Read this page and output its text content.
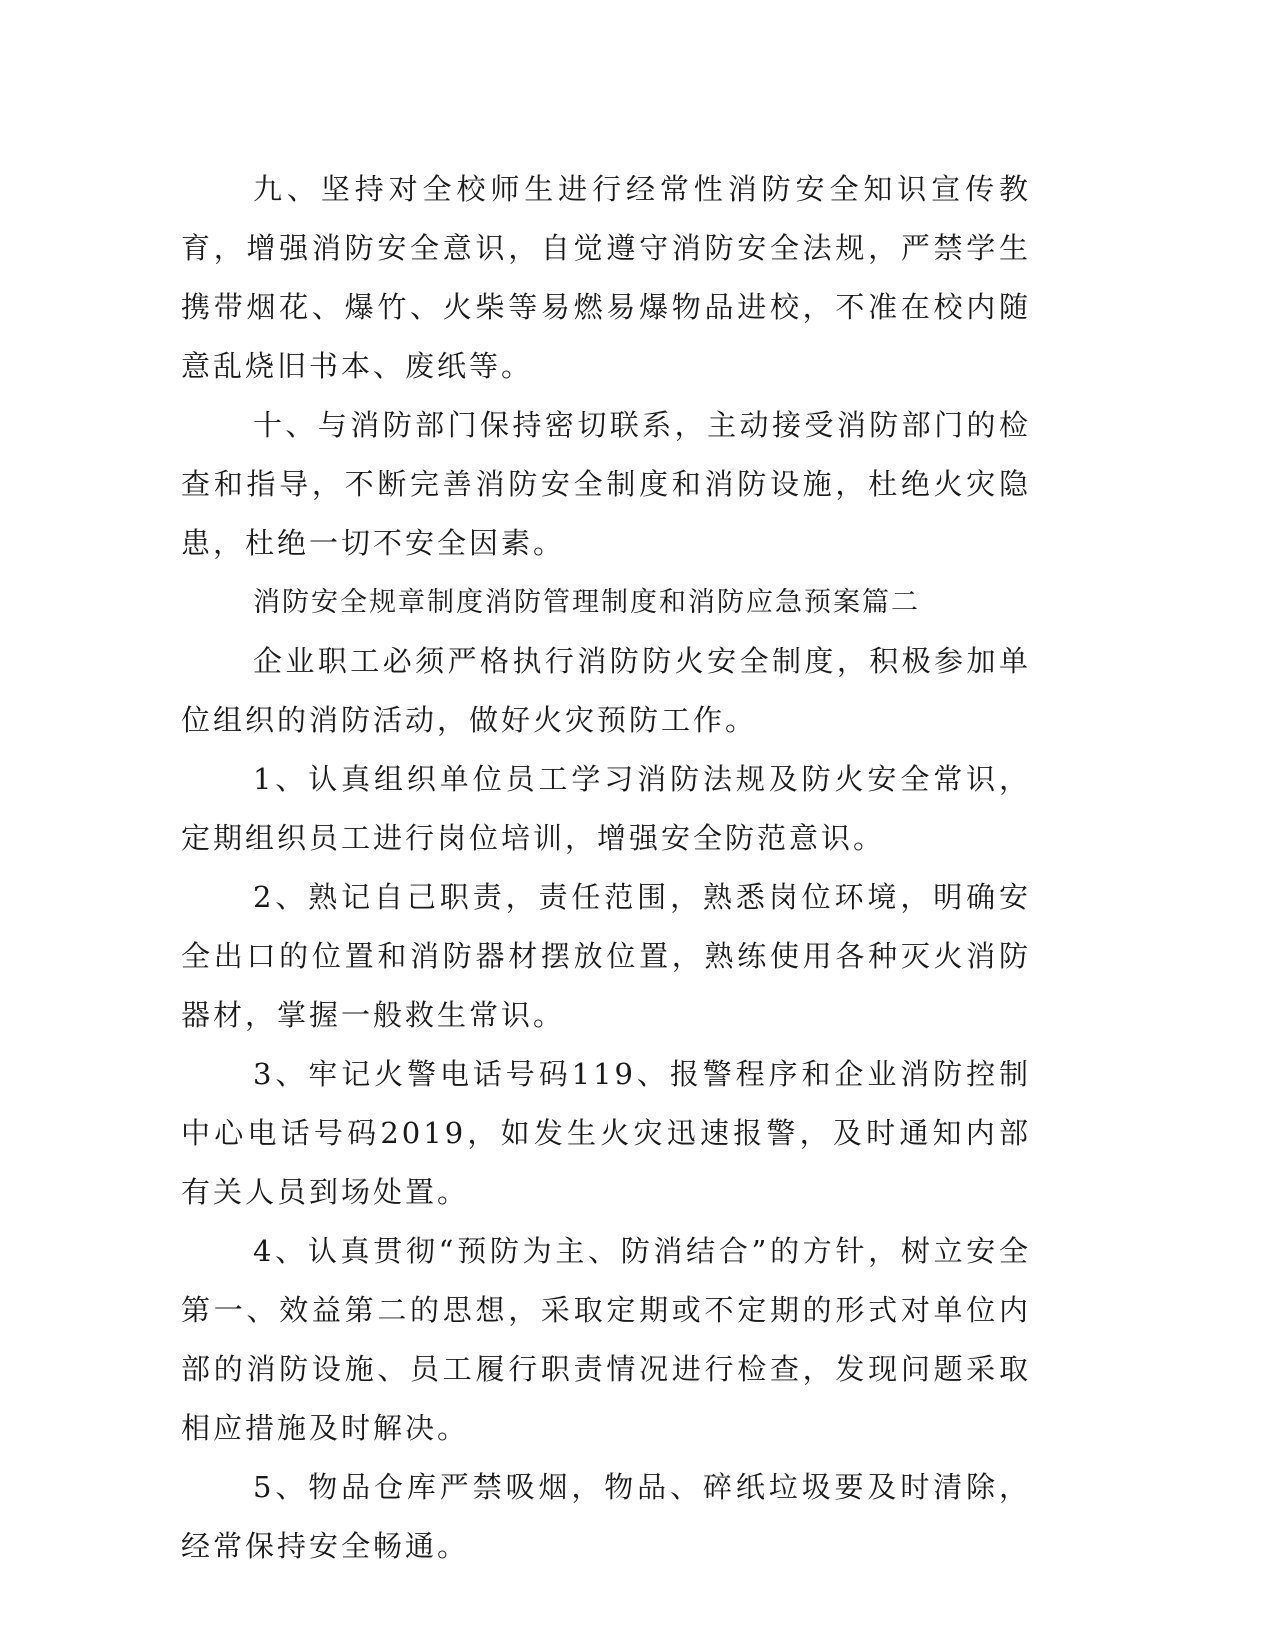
九、坚持对全校师生进行经常性消防安全知识宣传教育，增强消防安全意识，自觉遵守消防安全法规，严禁学生携带烟花、爆竹、火柴等易燃易爆物品进校，不准在校内随意乱烧旧书本、废纸等。

十、与消防部门保持密切联系，主动接受消防部门的检查和指导，不断完善消防安全制度和消防设施，杜绝火灾隐患，杜绝一切不安全因素。

消防安全规章制度消防管理制度和消防应急预案篇二

企业职工必须严格执行消防防火安全制度，积极参加单位组织的消防活动，做好火灾预防工作。

1、认真组织单位员工学习消防法规及防火安全常识，定期组织员工进行岗位培训，增强安全防范意识。

2、熟记自己职责，责任范围，熟悉岗位环境，明确安全出口的位置和消防器材摆放位置，熟练使用各种灭火消防器材，掌握一般救生常识。

3、牢记火警电话号码119、报警程序和企业消防控制中心电话号码2019，如发生火灾迅速报警，及时通知内部有关人员到场处置。

4、认真贯彻“预防为主、防消结合”的方针，树立安全第一、效益第二的思想，采取定期或不定期的形式对单位内部的消防设施、员工履行职责情况进行检查，发现问题采取相应措施及时解决。

5、物品仓库严禁吸烟，物品、碎纸垃圾要及时清除，经常保持安全畅通。
